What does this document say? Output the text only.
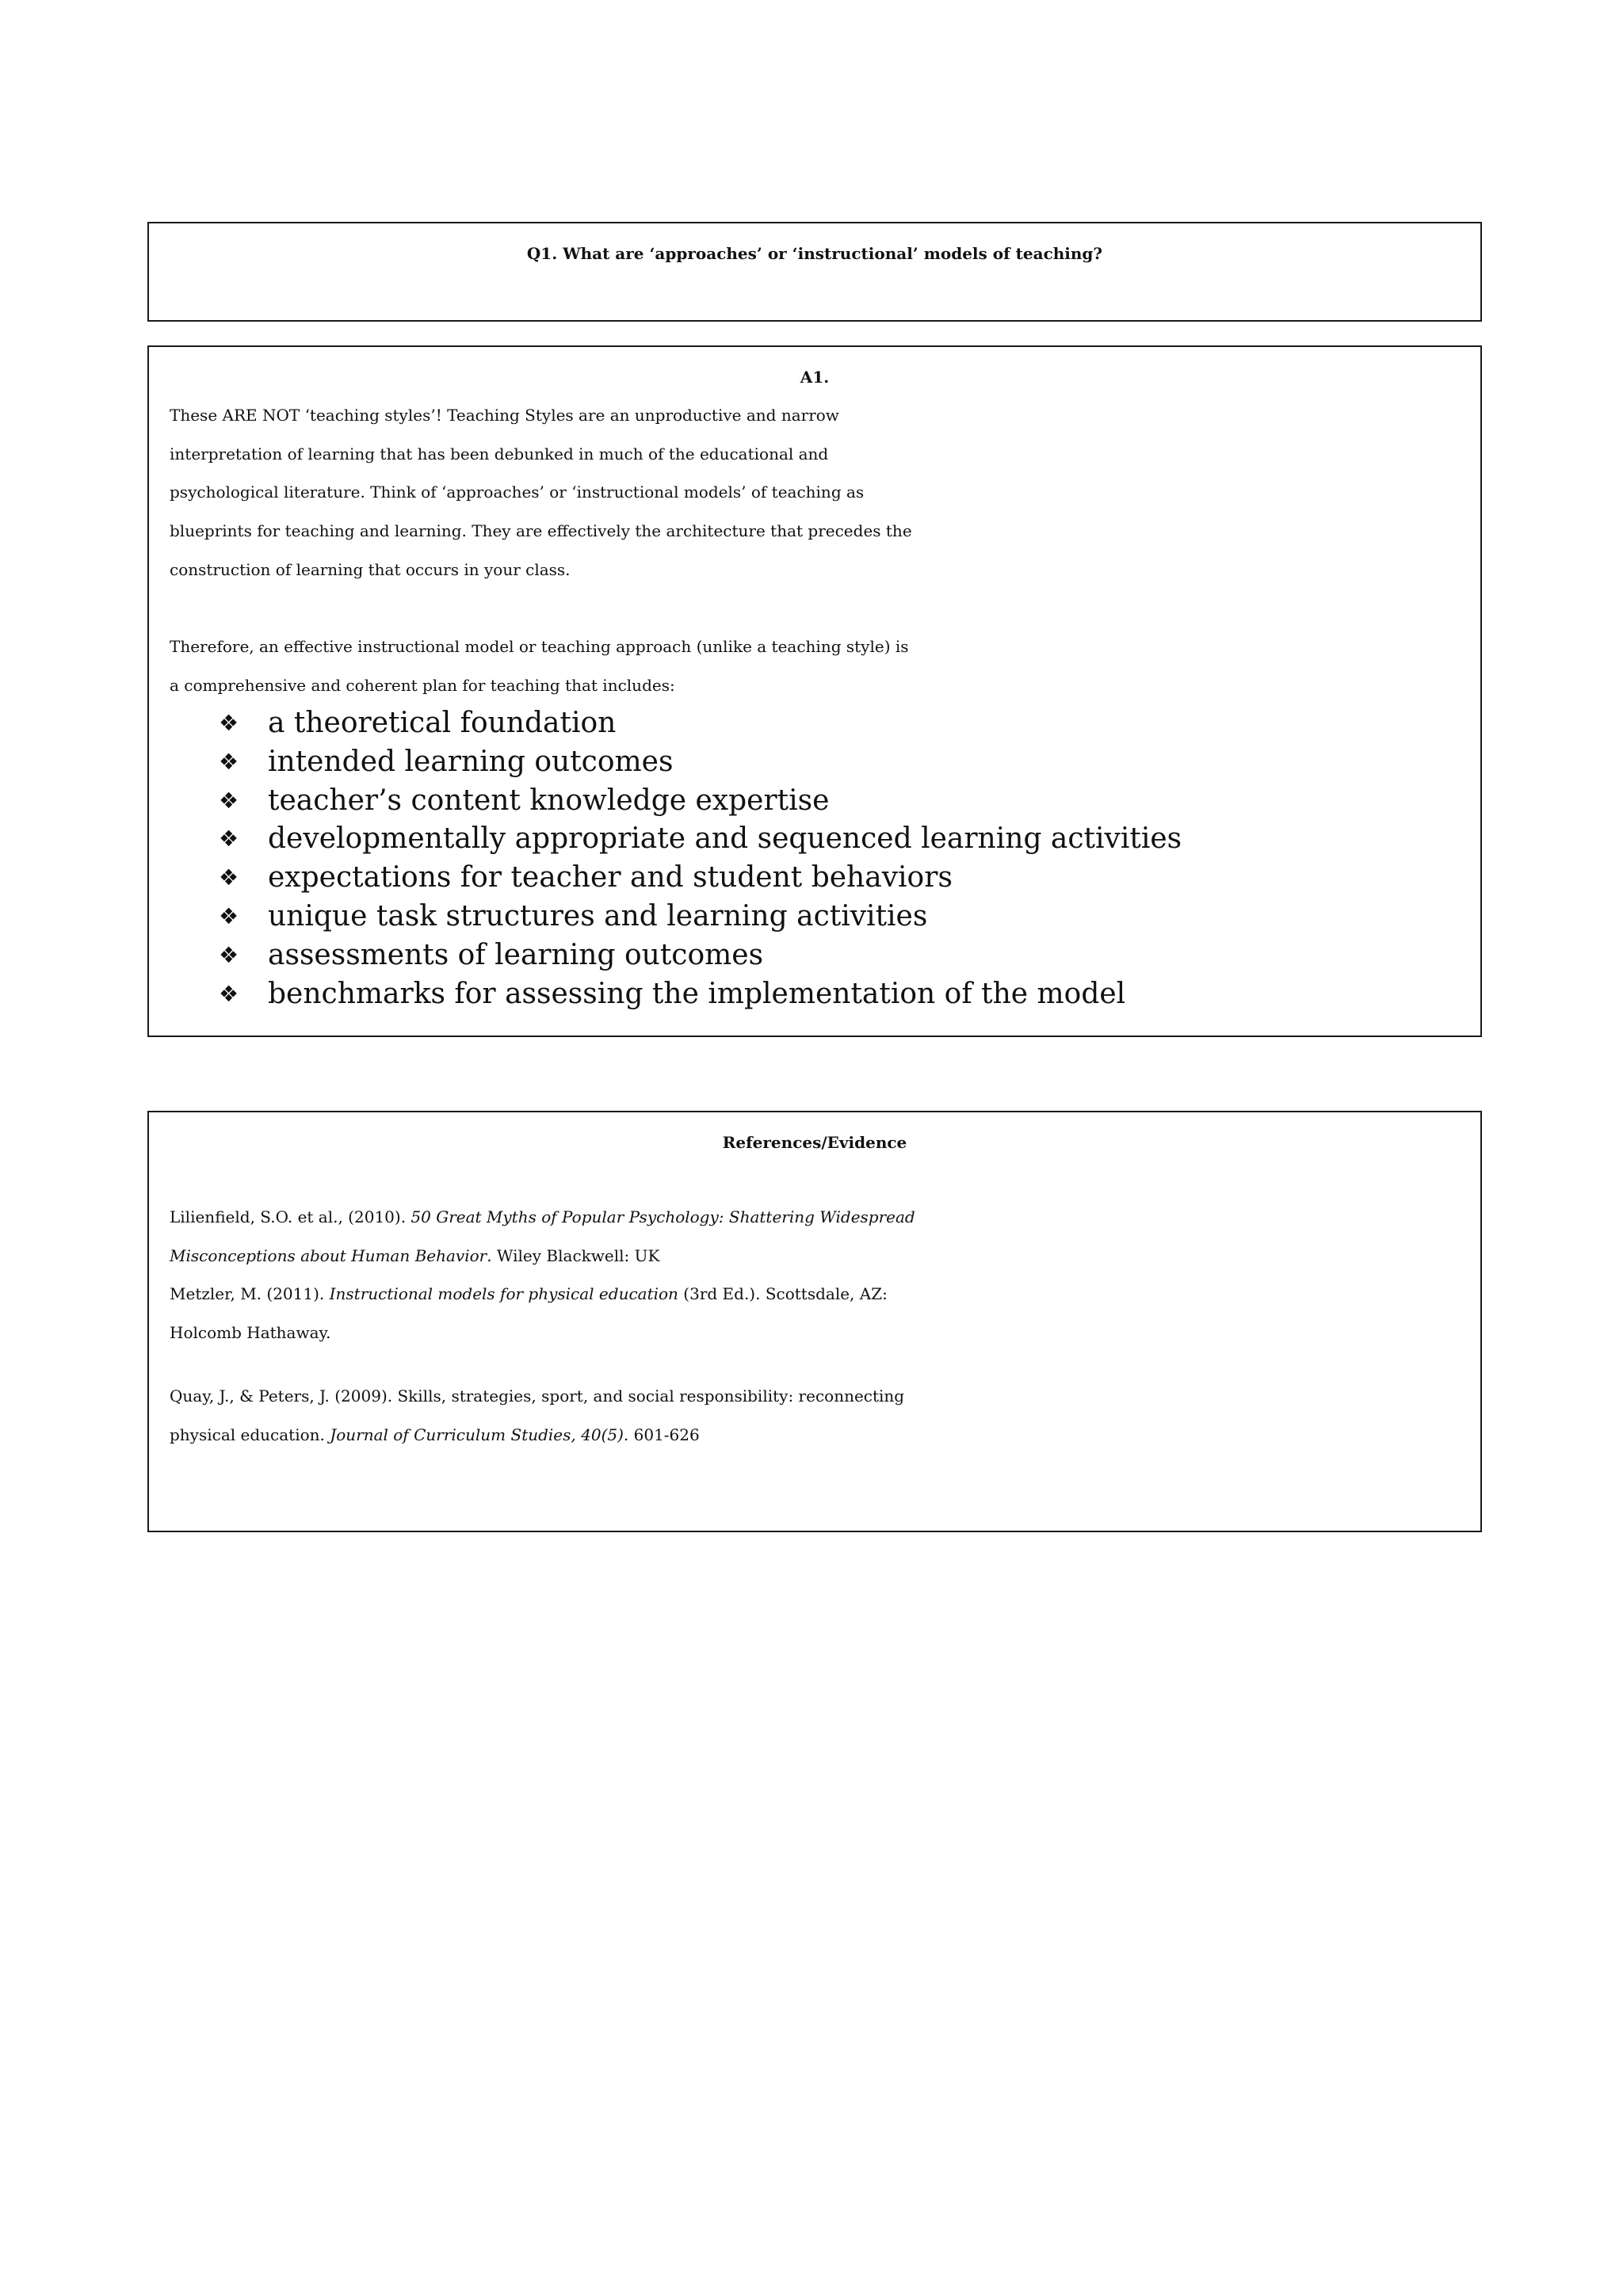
Q1. What are ‘approaches’ or ‘instructional’ models of teaching?
A1.
These ARE NOT ‘teaching styles’! Teaching Styles are an unproductive and narrow
interpretation of learning that has been debunked in much of the educational and
psychological literature. Think of ‘approaches’ or ‘instructional models’ of teaching as
blueprints for teaching and learning. They are effectively the architecture that precedes the
construction of learning that occurs in your class.
Therefore, an effective instructional model or teaching approach (unlike a teaching style) is
a comprehensive and coherent plan for teaching that includes:
❖	a theoretical foundation
❖	intended learning outcomes
❖	teacher’s content knowledge expertise
❖	developmentally appropriate and sequenced learning activities
❖	expectations for teacher and student behaviors
❖	unique task structures and learning activities
❖	assessments of learning outcomes
❖	benchmarks for assessing the implementation of the model
References/Evidence
Lilienfield, S.O. et al., (2010). 50 Great Myths of Popular Psychology: Shattering Widespread
Misconceptions about Human Behavior. Wiley Blackwell: UK
Metzler, M. (2011). Instructional models for physical education (3rd Ed.). Scottsdale, AZ:
Holcomb Hathaway.
Quay, J., & Peters, J. (2009). Skills, strategies, sport, and social responsibility: reconnecting
physical education. Journal of Curriculum Studies, 40(5). 601-626
